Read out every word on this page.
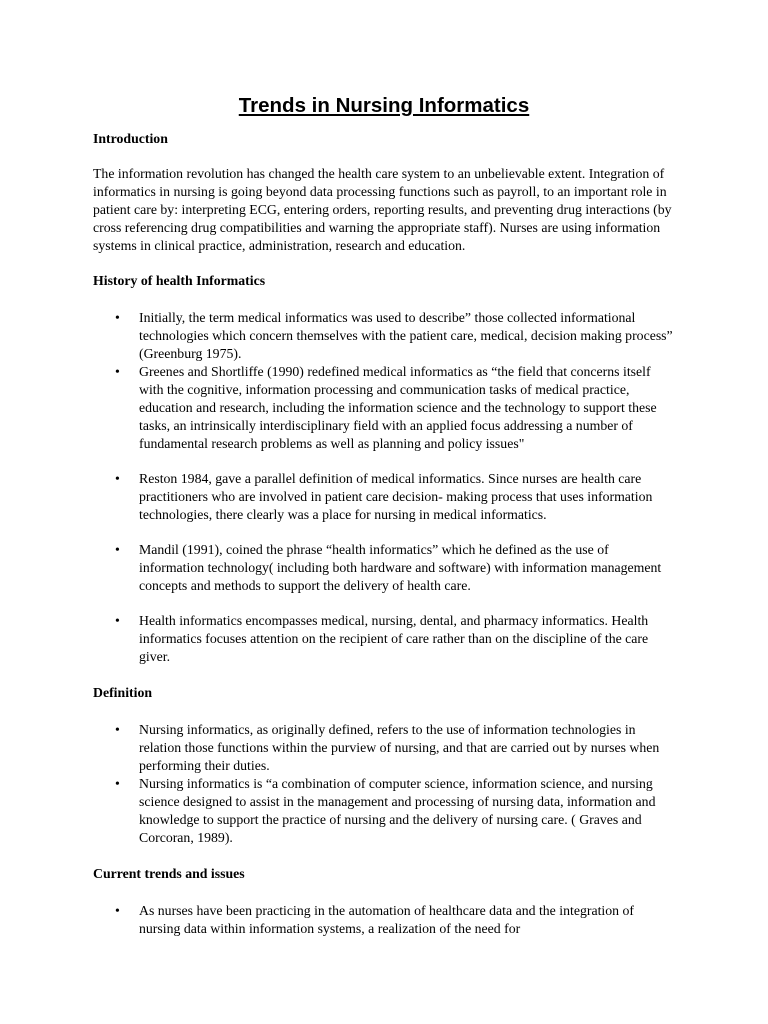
Trends in Nursing Informatics
Introduction

The information revolution has changed the health care system to an unbelievable extent. Integration of informatics in nursing is going beyond data processing functions such as payroll, to an important role in patient care by: interpreting ECG, entering orders, reporting results, and preventing drug interactions (by cross referencing drug compatibilities and warning the appropriate staff). Nurses are using information systems in clinical practice, administration, research and education.

History of health Informatics
• Initially, the term medical informatics was used to describe” those collected informational technologies which concern themselves with the patient care, medical, decision making process” (Greenburg 1975).
• Greenes and Shortliffe (1990) redefined medical informatics as “the field that concerns itself with the cognitive, information processing and communication tasks of medical practice, education and research, including the information science and the technology to support these tasks, an intrinsically interdisciplinary field with an applied focus addressing a number of fundamental research problems as well as planning and policy issues"
• Reston 1984, gave a parallel definition of medical informatics. Since nurses are health care practitioners who are involved in patient care decision- making process that uses information technologies, there clearly was a place for nursing in medical informatics.
• Mandil (1991), coined the phrase “health informatics” which he defined as the use of information technology( including both hardware and software) with information management concepts and methods to support the delivery of health care.
• Health informatics encompasses medical, nursing, dental, and pharmacy informatics. Health informatics focuses attention on the recipient of care rather than on the discipline of the care giver.
Definition
• Nursing informatics, as originally defined, refers to the use of information technologies in relation those functions within the purview of nursing, and that are carried out by nurses when performing their duties.
• Nursing informatics is “a combination of computer science, information science, and nursing science designed to assist in the management and processing of nursing data, information and knowledge to support the practice of nursing and the delivery of nursing care. ( Graves and Corcoran, 1989).
Current trends and issues
• As nurses have been practicing in the automation of healthcare data and the integration of nursing data within information systems, a realization of the need for
